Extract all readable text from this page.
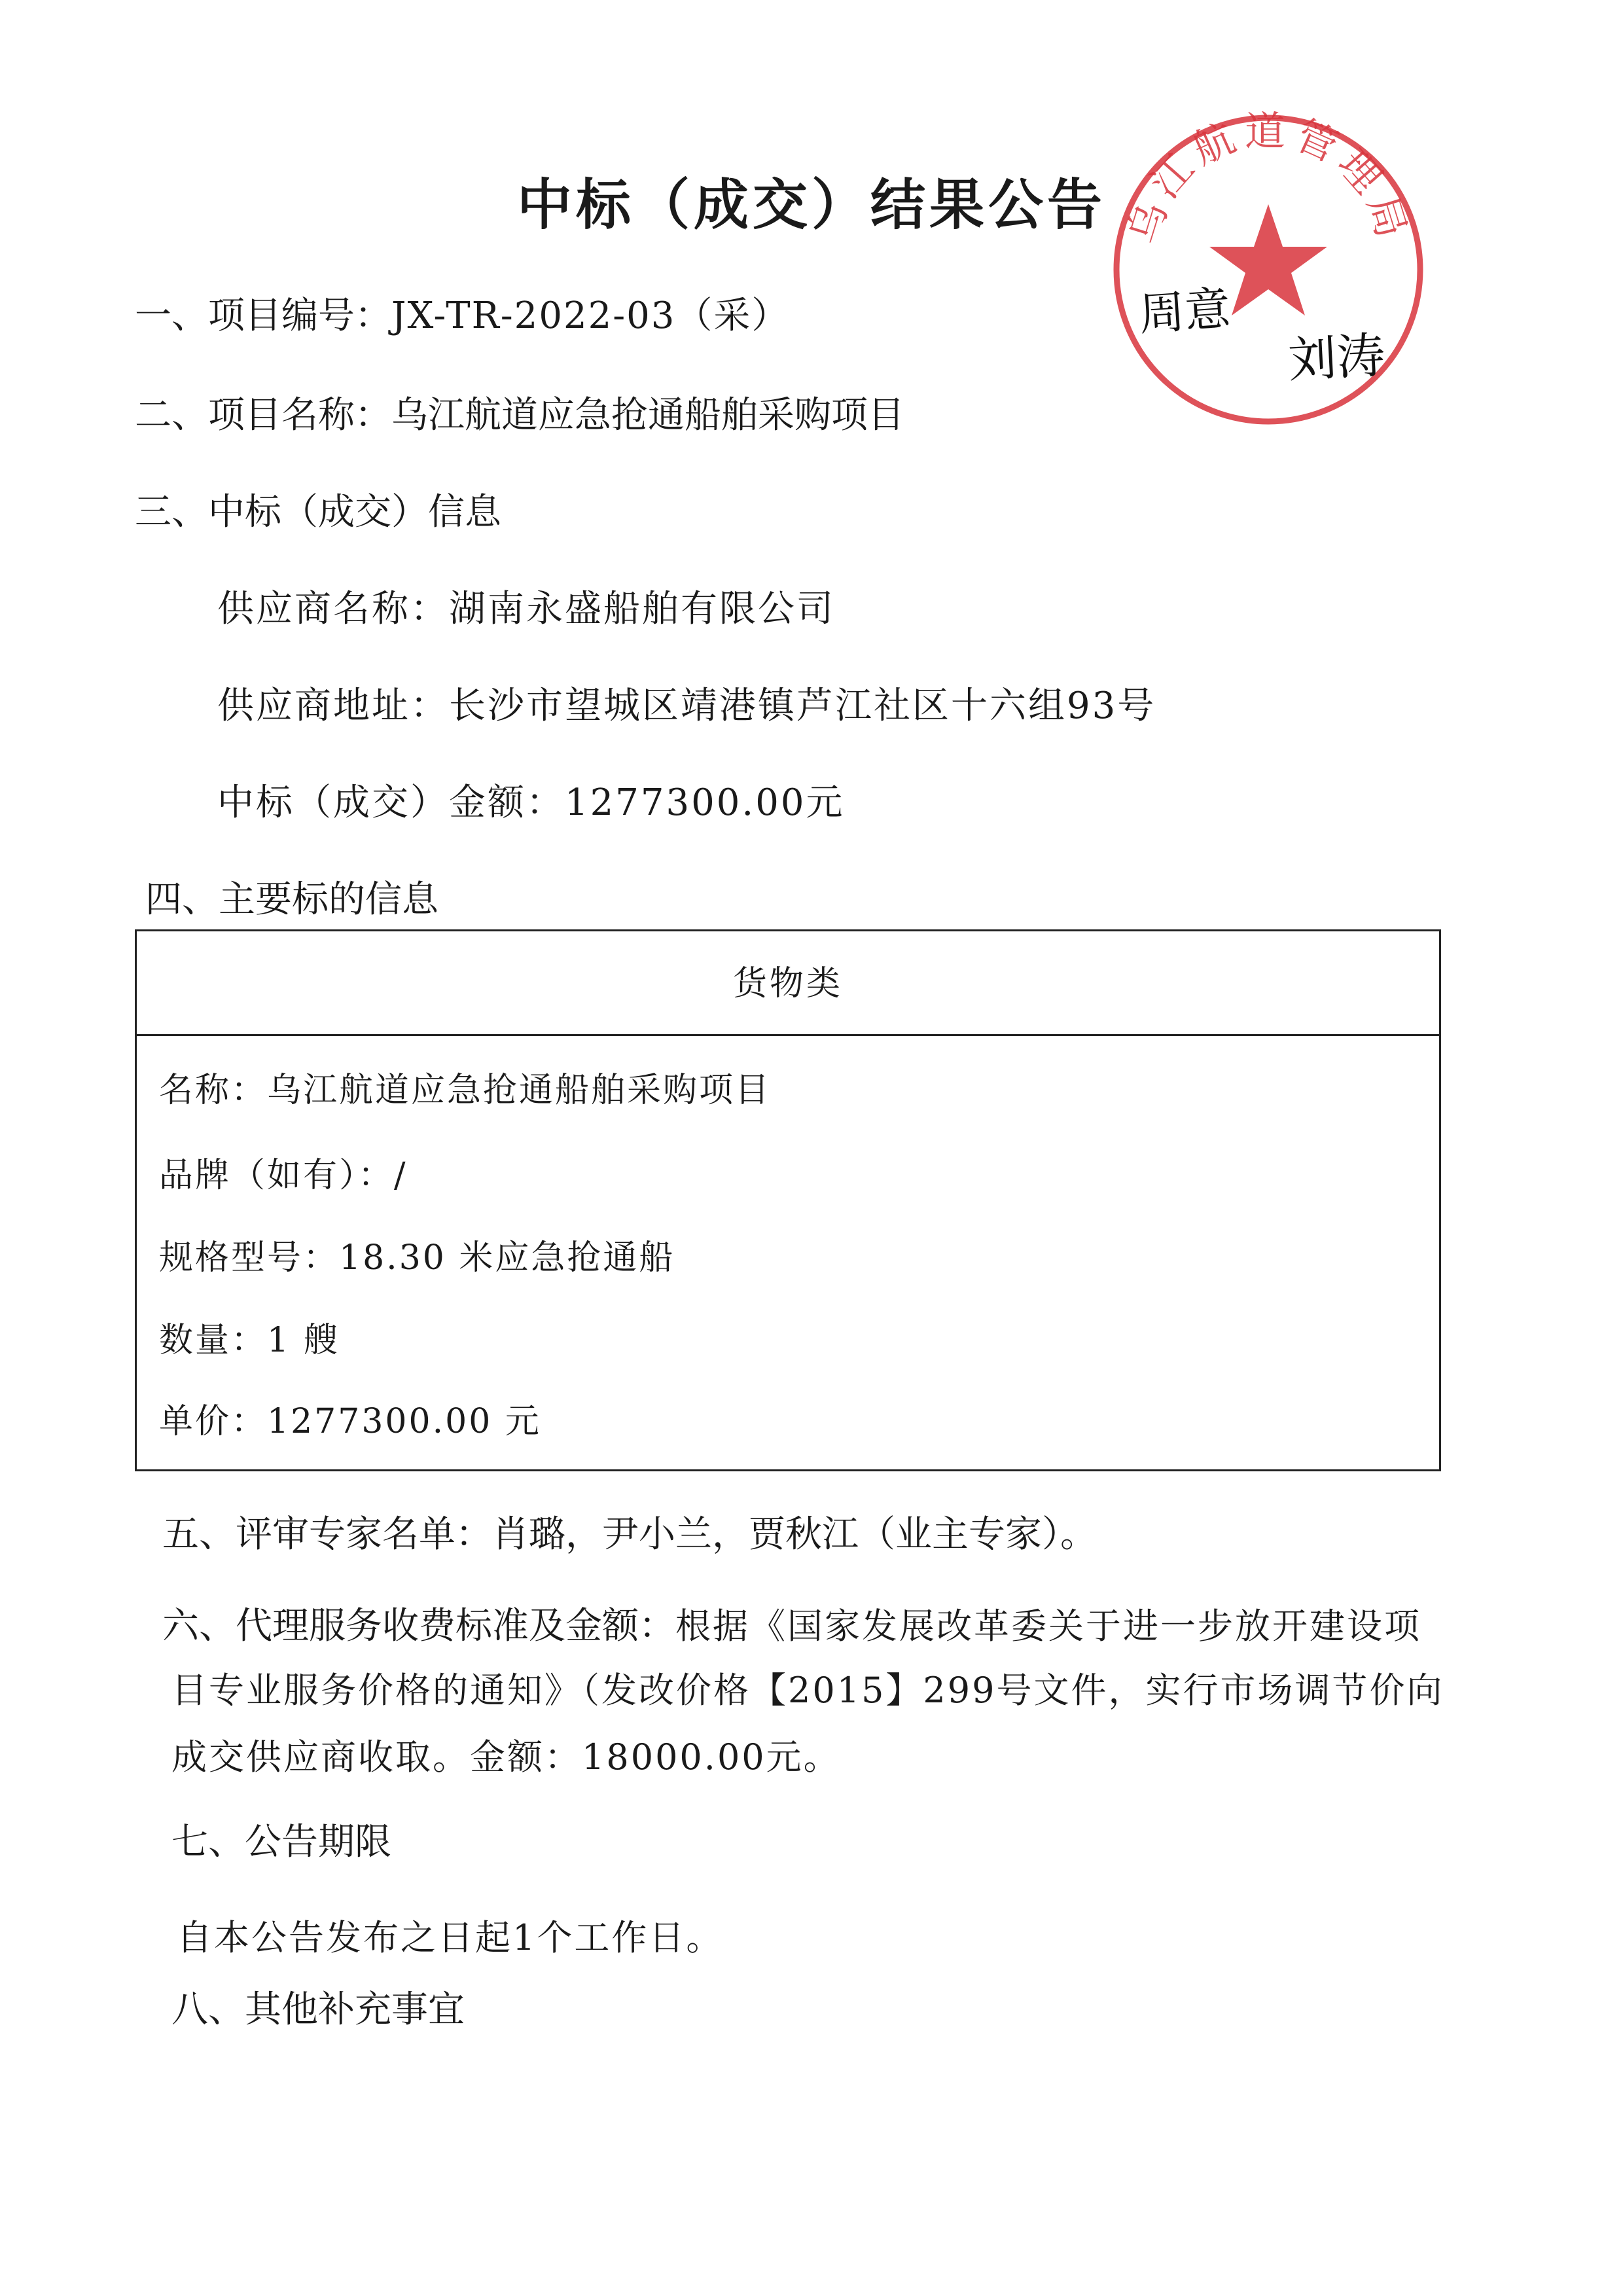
中标（成交）结果公告
一、项目编号：JX-TR-2022-03（采）
二、项目名称：乌江航道应急抢通船舶采购项目
三、中标（成交）信息
供应商名称：湖南永盛船舶有限公司
供应商地址：长沙市望城区靖港镇芦江社区十六组93号
中标（成交）金额：1277300.00元
四、主要标的信息
货物类
名称：乌江航道应急抢通船舶采购项目
品牌（如有）：/
规格型号：18.30 米应急抢通船
数量：1 艘
单价：1277300.00 元
五、评审专家名单：肖璐，尹小兰，贾秋江（业主专家）。
六、代理服务收费标准及金额：根据《国家发展改革委关于进一步放开建设项
目专业服务价格的通知》（发改价格【2015】299号文件，实行市场调节价向
成交供应商收取。金额：18000.00元。
七、公告期限
自本公告发布之日起1个工作日。
八、其他补充事宜
乌江航道管理局
周意
刘涛
